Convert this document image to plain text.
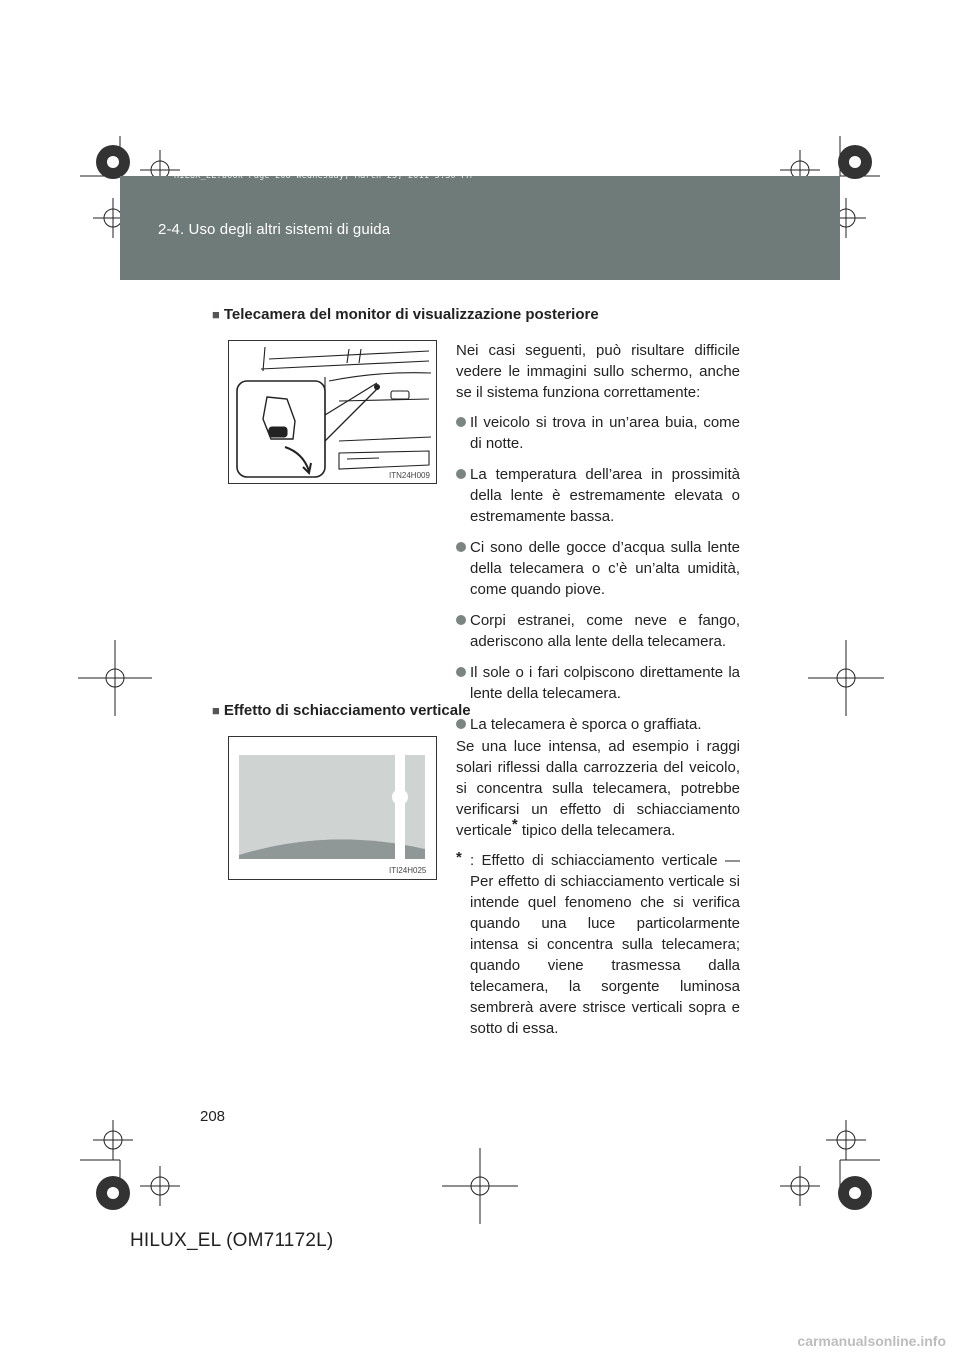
HILUX_EL.book Page 208 Wednesday, March 23, 2011 3:30 PM
2-4. Uso degli altri sistemi di guida
■ Telecamera del monitor di visualizzazione posteriore
ITN24H009

Nei casi seguenti, può risultare difficile vedere le immagini sullo schermo, anche se il sistema funziona correttamente:

Il veicolo si trova in un’area buia, come di notte.
La temperatura dell’area in prossimità della lente è estremamente elevata o estremamente bassa.
Ci sono delle gocce d’acqua sulla lente della telecamera o c’è un’alta umidità, come quando piove.
Corpi estranei, come neve e fango, aderiscono alla lente della telecamera.
Il sole o i fari colpiscono direttamente la lente della telecamera.
La telecamera è sporca o graffiata.
■ Effetto di schiacciamento verticale
ITI24H025

Se una luce intensa, ad esempio i raggi solari riflessi dalla carrozzeria del veicolo, si concentra sulla telecamera, potrebbe verificarsi un effetto di schiacciamento verticale* tipico della telecamera.

* : Effetto di schiacciamento verticale — Per effetto di schiacciamento verticale si intende quel fenomeno che si verifica quando una luce particolarmente intensa si concentra sulla telecamera; quando viene trasmessa dalla telecamera, la sorgente luminosa sembrerà avere strisce verticali sopra e sotto di essa.
208
HILUX_EL (OM71172L)
carmanualsonline.info
